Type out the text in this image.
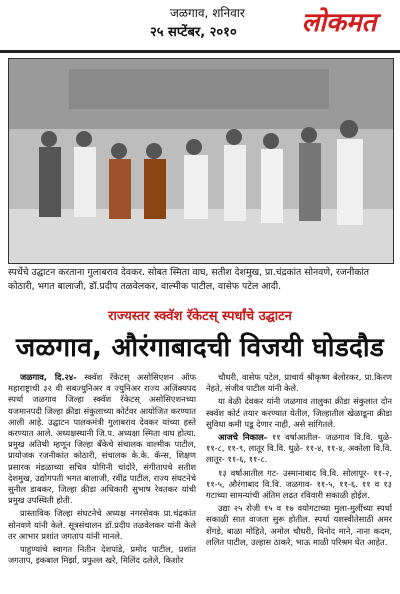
जळगाव, शनिवार
२५ सप्टेंबर, २०१०	लोकमत
स्पर्धेचे उद्घाटन करताना गुलाबराव देवकर. सोबत स्मिता वाघ, सतीश देशमुख, प्रा.चंद्रकांत सोनवणे, रजनीकांत कोठारी, भगत बालाजी, डॉ.प्रदीप तळवेलकर, वाल्मीक पाटील, वासेफ पटेल आदी.
राज्यस्तर स्क्वॅश रॅकेटस् स्पर्धांचे उद्घाटन
जळगाव, औरंगाबादची विजयी घोडदौड

जळगाव, दि.२४- स्क्वॅश रॅकेटस् असोसिएशन ऑफ महाराष्ट्राची ३२ वी सबज्युनिअर व ज्युनिअर राज्य अजिंक्यपद स्पर्धा जळगाव जिल्हा स्क्वॅश रॅकेटस् असोसिएशनच्या यजमानपदी जिल्हा क्रीडा संकुलाच्या कोर्टवर आयोजित करण्यात आली आहे. उद्घाटन पालकमंत्री गुलाबराव देवकर यांच्या हस्ते करण्यात आले. अध्यक्षस्थानी जि.प. अध्यक्षा स्मिता वाघ होत्या. प्रमुख अतिथी म्हणून जिल्हा बँकेचे संचालक वाल्मीक पाटील, प्रायोजक रजनीकांत कोठारी, संचालक के.के. कॅन्स, शिक्षण प्रसारक मंडळाच्या सचिव योगिनी चांदोरे, संगीतापचे सतीश देशमुख, उद्योगपती भगत बालाजी, रवींद्र पाटील, राज्य संघटनेचे सुनील डाबकर, जिल्हा क्रीडा अधिकारी सुभाष रेवतकर यांची प्रमुख उपस्थिती होती.

प्रास्ताविक जिल्हा संघटनेचे अध्यक्ष नगरसेवक प्रा.चंद्रकांत सोनवणे यांनी केले. सूत्रसंचालन डॉ.प्रदीप तळवेलकर यांनी केले तर आभार प्रशांत जगताप यांनी मानले.

पाहुण्यांचे स्वागत नितीन देशपांडे, प्रमोद पाटील, प्रशांत जगताप, इकबाल मिर्झा, प्रफुल्ल खरे, मिलिंद दलेले, किशोर

चौधरी, वासेफ पटेल, प्राचार्य श्रीकृष्ण बेलोरकर, प्रा.किरण नेहते, संजीव पाटील यांनी केले.

या वेळी देवकर यांनी जळगाव तालुका क्रीडा संकुलात दोन स्क्वॅश कोर्ट तयार करण्यात येतील, जिल्हातील खेळाडूना क्रीडा सुविधा कमी पडू देणार नाही, असे सांगितले.

आजचे निकाल- ११ वर्षाआतील- जळगाव वि.वि. धुळे- ११-८, ११-९, लातूर वि.वि. धुळे- ११-४, ११-४, अकोला वि.वि. लातूर- ११-६, ११-८.

१३ वर्षाआतील गट- उस्मानाबाद वि.वि. सोलापूर- ११-२, ११-५, औरंगाबाद वि.वि. जळगाव- ११-५, ११-६. ११ व १३ गटाच्या सामन्यांची अंतिम लढत रविवारी सकाळी होईल.

उद्या २५ रोजी १५ व १७ वयोगटाच्या मुला-मुलींच्या स्पर्धा सकाळी सात वाजता सुरू होतील. स्पर्धा यशस्वीतेसाठी अमर शेंगडे, बाळा मोहिते, अमोल चौधरी, विनोद माने, नाना कदम, ललित पाटील, उल्हास ठाकरे, भाऊ माळी परिश्रम घेत आहेत.
